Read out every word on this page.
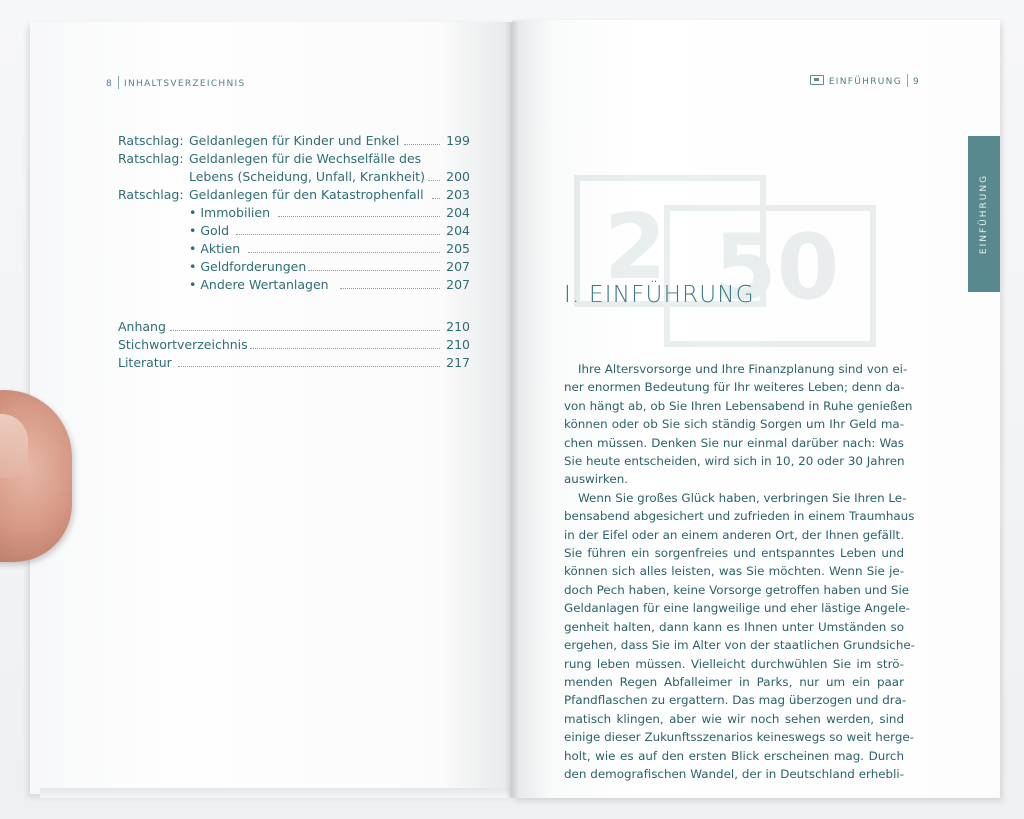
8 INHALTSVERZEICHNIS
Ratschlag: Geldanlegen für Kinder und Enkel	199
Ratschlag: Geldanlegen für die Wechselfälle des
Lebens (Scheidung, Unfall, Krankheit) 200
Ratschlag: Geldanlegen für den Katastrophenfall 203
• Immobilien	204
• Gold	204
• Aktien	205
• Geldforderungen	207
• Andere Wertanlagen	207
Anhang	210
Stichwortverzeichnis	210
Literatur	217
EINFÜHRUNG 9
2 50
EINFÜHRUNG
I. EINFÜHRUNG
Ihre Altersvorsorge und Ihre Finanzplanung sind von ei-
ner enormen Bedeutung für Ihr weiteres Leben; denn da-
von hängt ab, ob Sie Ihren Lebensabend in Ruhe genießen
können oder ob Sie sich ständig Sorgen um Ihr Geld ma-
chen müssen. Denken Sie nur einmal darüber nach: Was
Sie heute entscheiden, wird sich in 10, 20 oder 30 Jahren
auswirken.
Wenn Sie großes Glück haben, verbringen Sie Ihren Le-
bensabend abgesichert und zufrieden in einem Traumhaus
in der Eifel oder an einem anderen Ort, der Ihnen gefällt.
Sie führen ein sorgenfreies und entspanntes Leben und
können sich alles leisten, was Sie möchten. Wenn Sie je-
doch Pech haben, keine Vorsorge getroffen haben und Sie
Geldanlagen für eine langweilige und eher lästige Angele-
genheit halten, dann kann es Ihnen unter Umständen so
ergehen, dass Sie im Alter von der staatlichen Grundsiche-
rung leben müssen. Vielleicht durchwühlen Sie im strö-
menden Regen Abfalleimer in Parks, nur um ein paar
Pfandflaschen zu ergattern. Das mag überzogen und dra-
matisch klingen, aber wie wir noch sehen werden, sind
einige dieser Zukunftsszenarios keineswegs so weit herge-
holt, wie es auf den ersten Blick erscheinen mag. Durch
den demografischen Wandel, der in Deutschland erhebli-
